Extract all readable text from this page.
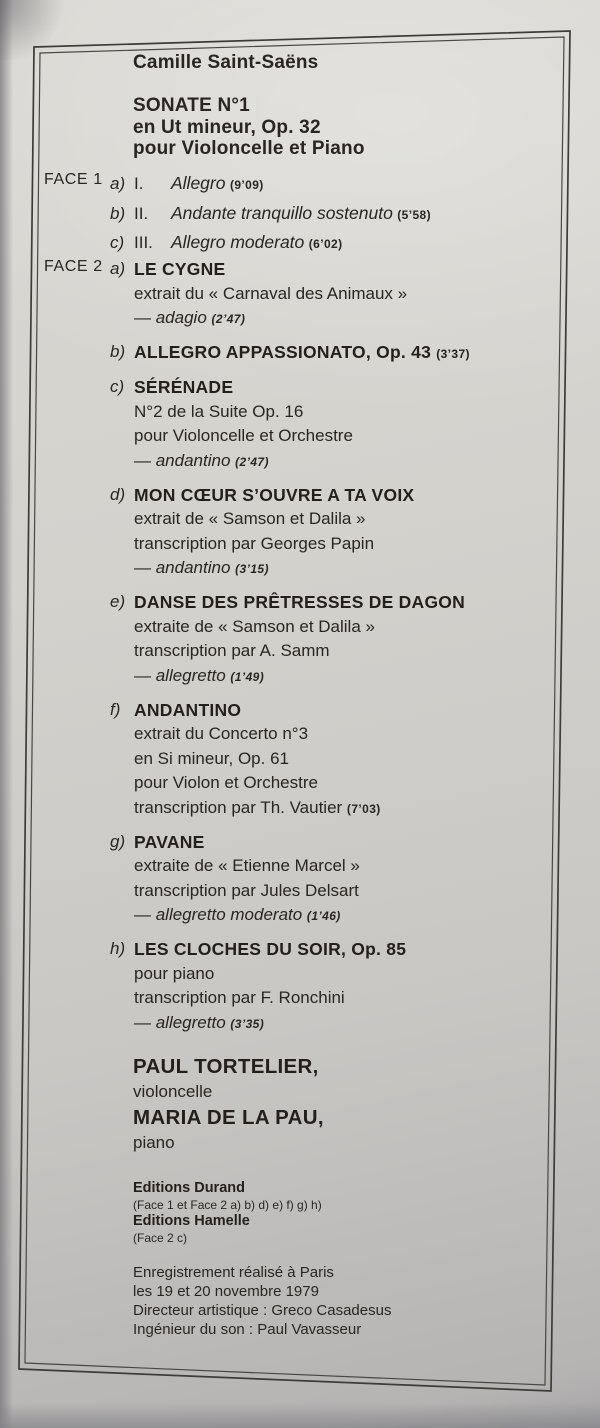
Camille Saint-Saëns
SONATE N°1
en Ut mineur, Op. 32
pour Violoncelle et Piano
FACE 1 a) I. Allegro (9’09)
b) II. Andante tranquillo sostenuto (5’58)
c) III. Allegro moderato (6’02)
FACE 2 a) LE CYGNE
extrait du « Carnaval des Animaux »
— adagio (2’47)
b) ALLEGRO APPASSIONATO, Op. 43 (3’37)
c) SÉRÉNADE
N°2 de la Suite Op. 16
pour Violoncelle et Orchestre
— andantino (2’47)
d) MON CŒUR S’OUVRE A TA VOIX
extrait de « Samson et Dalila »
transcription par Georges Papin
— andantino (3’15)
e) DANSE DES PRÊTRESSES DE DAGON
extraite de « Samson et Dalila »
transcription par A. Samm
— allegretto (1’49)
f) ANDANTINO
extrait du Concerto n°3
en Si mineur, Op. 61
pour Violon et Orchestre
transcription par Th. Vautier (7’03)
g) PAVANE
extraite de « Etienne Marcel »
transcription par Jules Delsart
— allegretto moderato (1’46)
h) LES CLOCHES DU SOIR, Op. 85
pour piano
transcription par F. Ronchini
— allegretto (3’35)
PAUL TORTELIER,
violoncelle
MARIA DE LA PAU,
piano
Editions Durand
(Face 1 et Face 2 a) b) d) e) f) g) h)
Editions Hamelle
(Face 2 c)
Enregistrement réalisé à Paris
les 19 et 20 novembre 1979
Directeur artistique : Greco Casadesus
Ingénieur du son : Paul Vavasseur
